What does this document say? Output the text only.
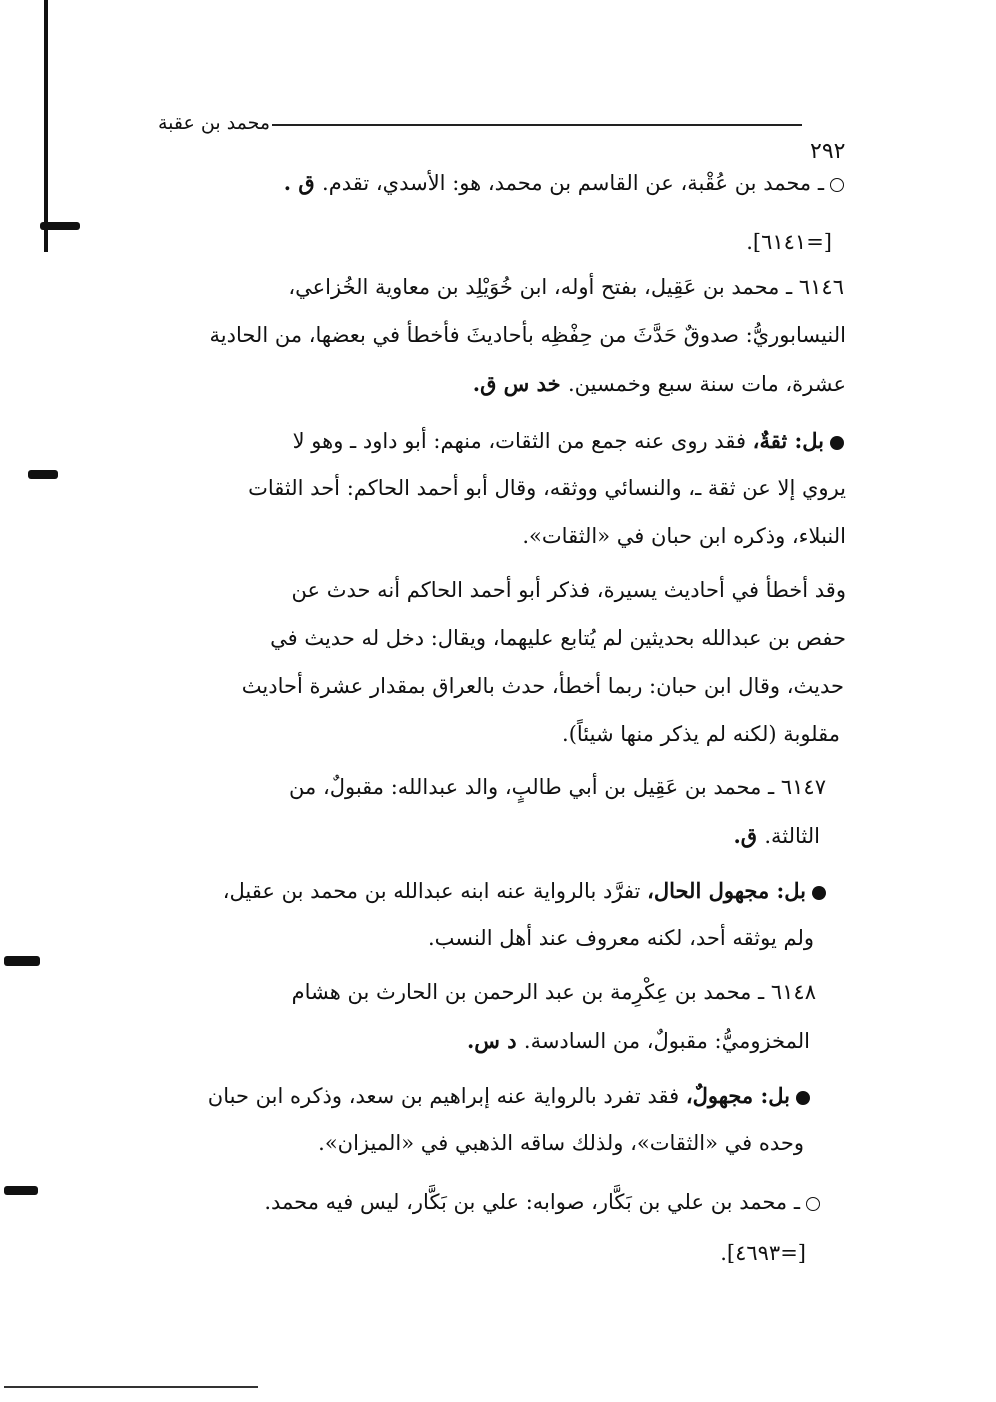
محمد بن عقبة
٢٩٢
ـ محمد بن عُقْبة، عن القاسم بن محمد، هو: الأسدي، تقدم. ق .
[=٦١٤١].
٦١٤٦ ـ محمد بن عَقِيل، بفتح أوله، ابن خُوَيْلِد بن معاوية الخُزاعي،
النيسابوريُّ: صدوقٌ حَدَّثَ من حِفْظِه بأحاديثَ فأخطأ في بعضها، من الحادية
عشرة، مات سنة سبع وخمسين. خد س ق.
بل: ثقةٌ، فقد روى عنه جمع من الثقات، منهم: أبو داود ـ وهو لا
يروي إلا عن ثقة ـ، والنسائي ووثقه، وقال أبو أحمد الحاكم: أحد الثقات
النبلاء، وذكره ابن حبان في «الثقات».
وقد أخطأ في أحاديث يسيرة، فذكر أبو أحمد الحاكم أنه حدث عن
حفص بن عبدالله بحديثين لم يُتابع عليهما، ويقال: دخل له حديث في
حديث، وقال ابن حبان: ربما أخطأ، حدث بالعراق بمقدار عشرة أحاديث
مقلوبة (لكنه لم يذكر منها شيئاً).
٦١٤٧ ـ محمد بن عَقِيل بن أبي طالبٍ، والد عبدالله: مقبولٌ، من
الثالثة. ق.
بل: مجهول الحال، تفرَّد بالرواية عنه ابنه عبدالله بن محمد بن عقيل،
ولم يوثقه أحد، لكنه معروف عند أهل النسب.
٦١٤٨ ـ محمد بن عِكْرِمة بن عبد الرحمن بن الحارث بن هشام
المخزوميُّ: مقبولٌ، من السادسة. د س.
بل: مجهولٌ، فقد تفرد بالرواية عنه إبراهيم بن سعد، وذكره ابن حبان
وحده في «الثقات»، ولذلك ساقه الذهبي في «الميزان».
ـ محمد بن علي بن بَكَّار، صوابه: علي بن بَكَّار، ليس فيه محمد.
[=٤٦٩٣].
